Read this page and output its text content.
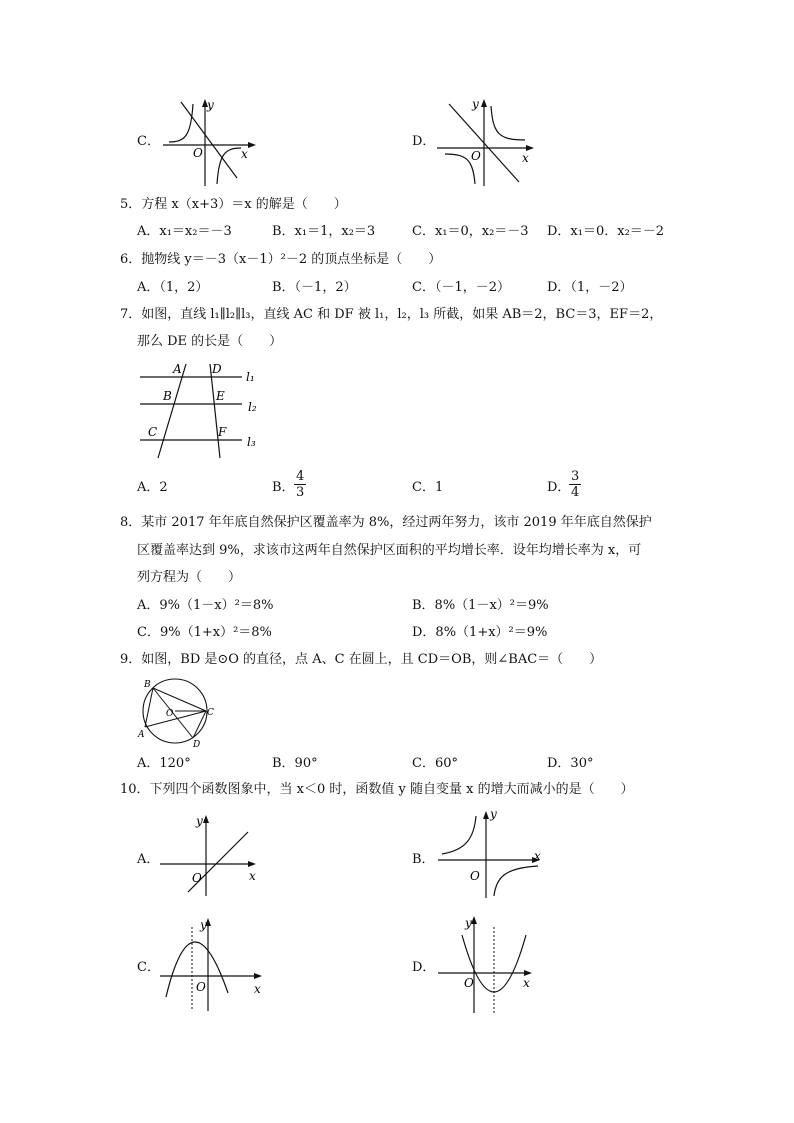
C．
y
x
O
D．
y
x
O
5．方程 x（x+3）＝x 的解是（　　）
A．x₁＝x₂＝－3	B．x₁＝1，x₂＝3	C．x₁＝0，x₂＝－3 D．x₁＝0．x₂＝－2
6．抛物线 y＝－3（x－1）²－2 的顶点坐标是（　　）
A．（1，2）	B．（－1，2）	C．（－1，－2）	D．（1，－2）
7．如图，直线 l₁∥l₂∥l₃，直线 AC 和 DF 被 l₁，l₂，l₃ 所截，如果 AB＝2，BC＝3，EF＝2，
那么 DE 的长是（　　）
A	D
B	E
C	F
l₁
l₂
l₃
A．2	B． $\frac{4}{3}$	C．1	D．
$\frac{3}{4}$
8．某市 2017 年年底自然保护区覆盖率为 8%，经过两年努力，该市 2019 年年底自然保护
区覆盖率达到 9%，求该市这两年自然保护区面积的平均增长率．设年均增长率为 x，可
列方程为（　　）
A．9%（1－x）²＝8%	B．8%（1－x）²＝9%
C．9%（1+x）²＝8%	D．8%（1+x）²＝9%
9．如图，BD 是⊙O 的直径，点 A、C 在圆上，且 CD＝OB，则∠BAC＝（　　）
B
O	C
A
D
A．120°	B．90°	C．60°	D．30°
10．下列四个函数图象中，当 x＜0 时，函数值 y 随自变量 x 的增大而减小的是（　　）
A．
y
x
O
B．
y
x
O
C．
y
x
O
D．
y
x
O
